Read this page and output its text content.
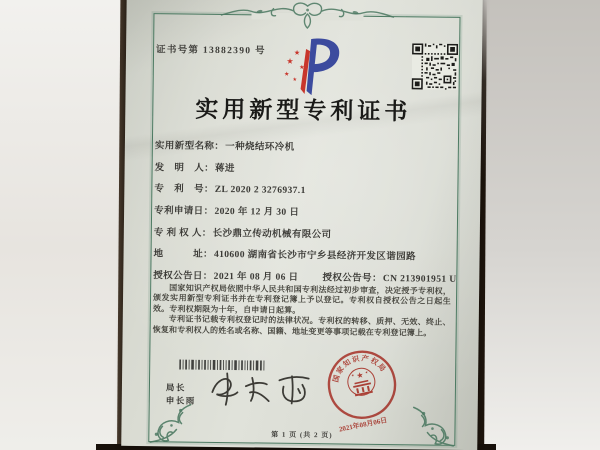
证书号第 13882390 号
★
★
★
★
★
实用新型专利证书
实用新型名称：一种烧结环冷机
发　明　人：蒋进
专　利　号：ZL 2020 2 3276937.1
专利申请日：2020 年 12 月 30 日
专 利 权 人：长沙鼎立传动机械有限公司
地　　　址：410600 湖南省长沙市宁乡县经济开发区谐园路
授权公告日：2021 年 08 月 06 日	授权公告号：CN 213901951 U

国家知识产权局依照中华人民共和国专利法经过初步审查，决定授予专利权，颁发实用新型专利证书并在专利登记簿上予以登记。专利权自授权公告之日起生效。专利权期限为十年，自申请日起算。

专利证书记载专利权登记时的法律状况。专利权的转移、质押、无效、终止、恢复和专利权人的姓名或名称、国籍、地址变更等事项记载在专利登记簿上。

局长
申长雨
国家知识产权局
★
★
★
2021年08月06日
第 1 页 (共 2 页)
